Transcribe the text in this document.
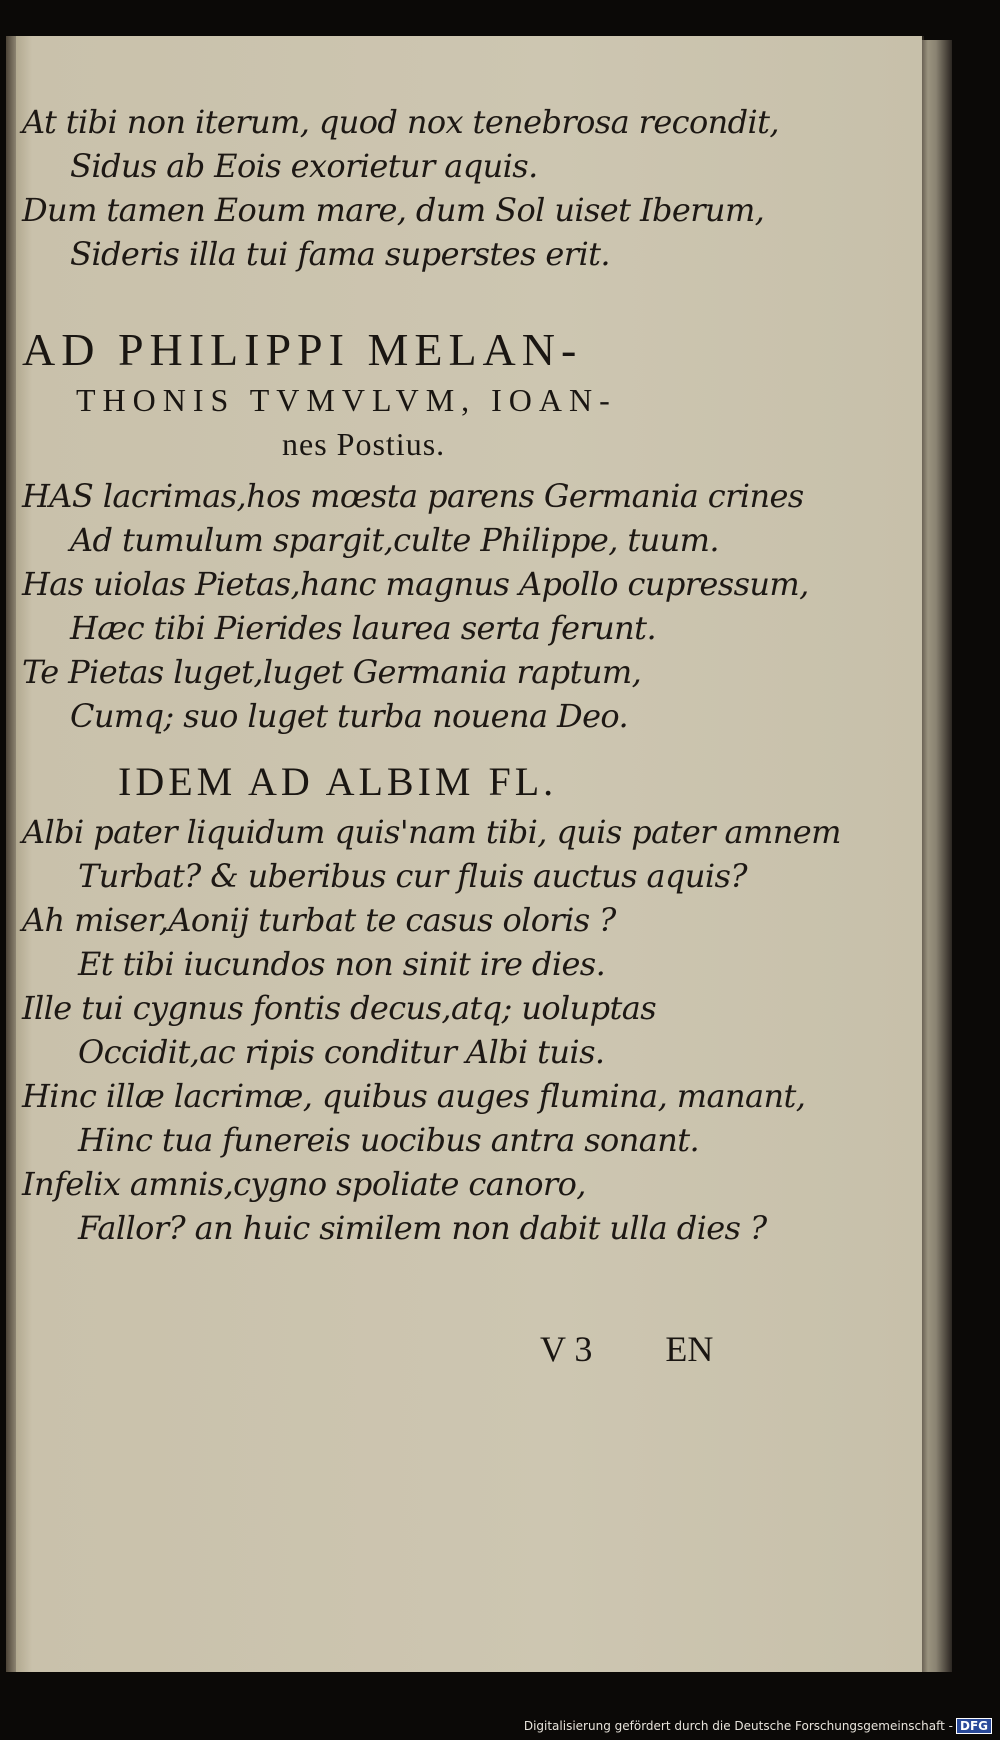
At tibi non iterum, quod nox tenebrosa recondit,
Sidus ab Eois exorietur aquis.
Dum tamen Eoum mare, dum Sol uiset Iberum,
Sideris illa tui fama superstes erit.
AD PHILIPPI MELAN-
THONIS TVMVLVM, IOAN-
nes Postius.
HAS lacrimas,hos mœsta parens Germania crines
Ad tumulum spargit,culte Philippe, tuum.
Has uiolas Pietas,hanc magnus Apollo cupressum,
Hæc tibi Pierides laurea serta ferunt.
Te Pietas luget,luget Germania raptum,
Cumq; suo luget turba nouena Deo.
IDEM AD ALBIM FL.
Albi pater liquidum quis'nam tibi, quis pater amnem
Turbat? & uberibus cur fluis auctus aquis?
Ah miser,Aonij turbat te casus oloris ?
Et tibi iucundos non sinit ire dies.
Ille tui cygnus fontis decus,atq; uoluptas
Occidit,ac ripis conditur Albi tuis.
Hinc illæ lacrimæ, quibus auges flumina, manant,
Hinc tua funereis uocibus antra sonant.
Infelix amnis,cygno spoliate canoro,
Fallor? an huic similem non dabit ulla dies ?
V 3 EN
Digitalisierung gefördert durch die Deutsche Forschungsgemeinschaft - DFG
